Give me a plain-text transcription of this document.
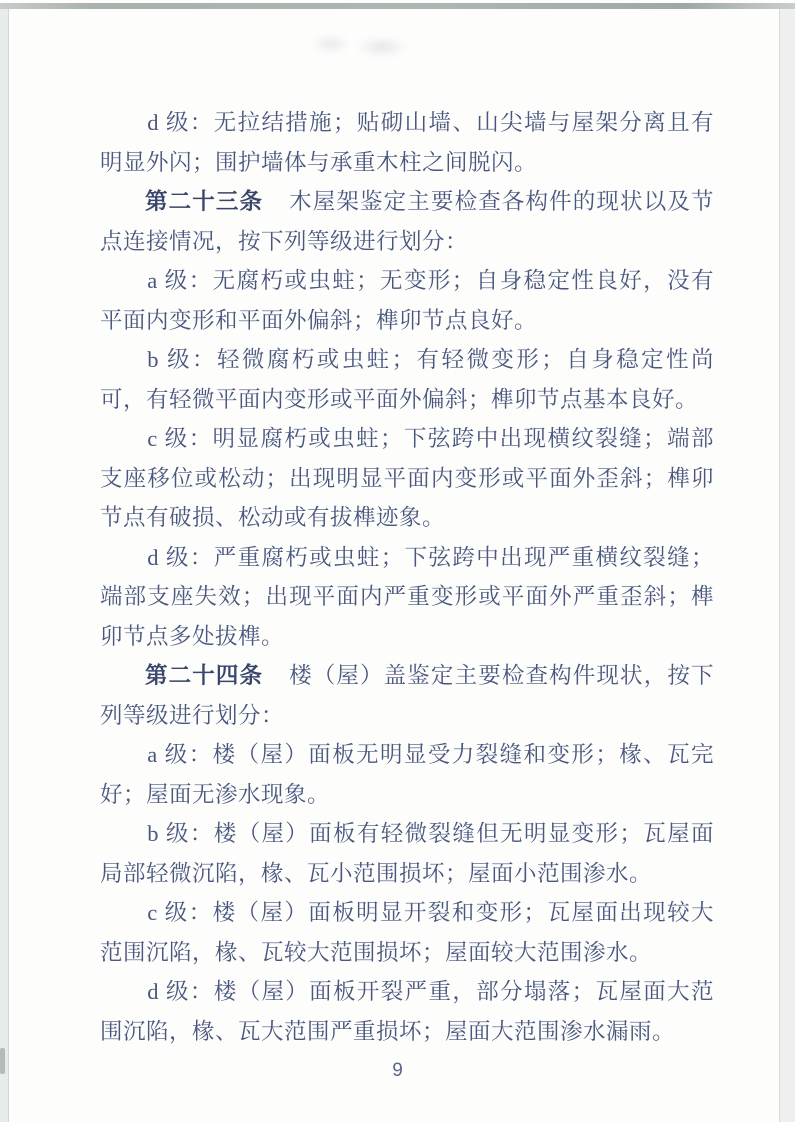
d 级：无拉结措施；贴砌山墙、山尖墙与屋架分离且有明显外闪；围护墙体与承重木柱之间脱闪。

第二十三条　木屋架鉴定主要检查各构件的现状以及节点连接情况，按下列等级进行划分：

a 级：无腐朽或虫蛀；无变形；自身稳定性良好，没有平面内变形和平面外偏斜；榫卯节点良好。

b 级：轻微腐朽或虫蛀；有轻微变形；自身稳定性尚可，有轻微平面内变形或平面外偏斜；榫卯节点基本良好。

c 级：明显腐朽或虫蛀；下弦跨中出现横纹裂缝；端部支座移位或松动；出现明显平面内变形或平面外歪斜；榫卯节点有破损、松动或有拔榫迹象。

d 级：严重腐朽或虫蛀；下弦跨中出现严重横纹裂缝；端部支座失效；出现平面内严重变形或平面外严重歪斜；榫卯节点多处拔榫。

第二十四条　楼（屋）盖鉴定主要检查构件现状，按下列等级进行划分：

a 级：楼（屋）面板无明显受力裂缝和变形；椽、瓦完好；屋面无渗水现象。

b 级：楼（屋）面板有轻微裂缝但无明显变形；瓦屋面局部轻微沉陷，椽、瓦小范围损坏；屋面小范围渗水。

c 级：楼（屋）面板明显开裂和变形；瓦屋面出现较大范围沉陷，椽、瓦较大范围损坏；屋面较大范围渗水。

d 级：楼（屋）面板开裂严重，部分塌落；瓦屋面大范围沉陷，椽、瓦大范围严重损坏；屋面大范围渗水漏雨。

9
